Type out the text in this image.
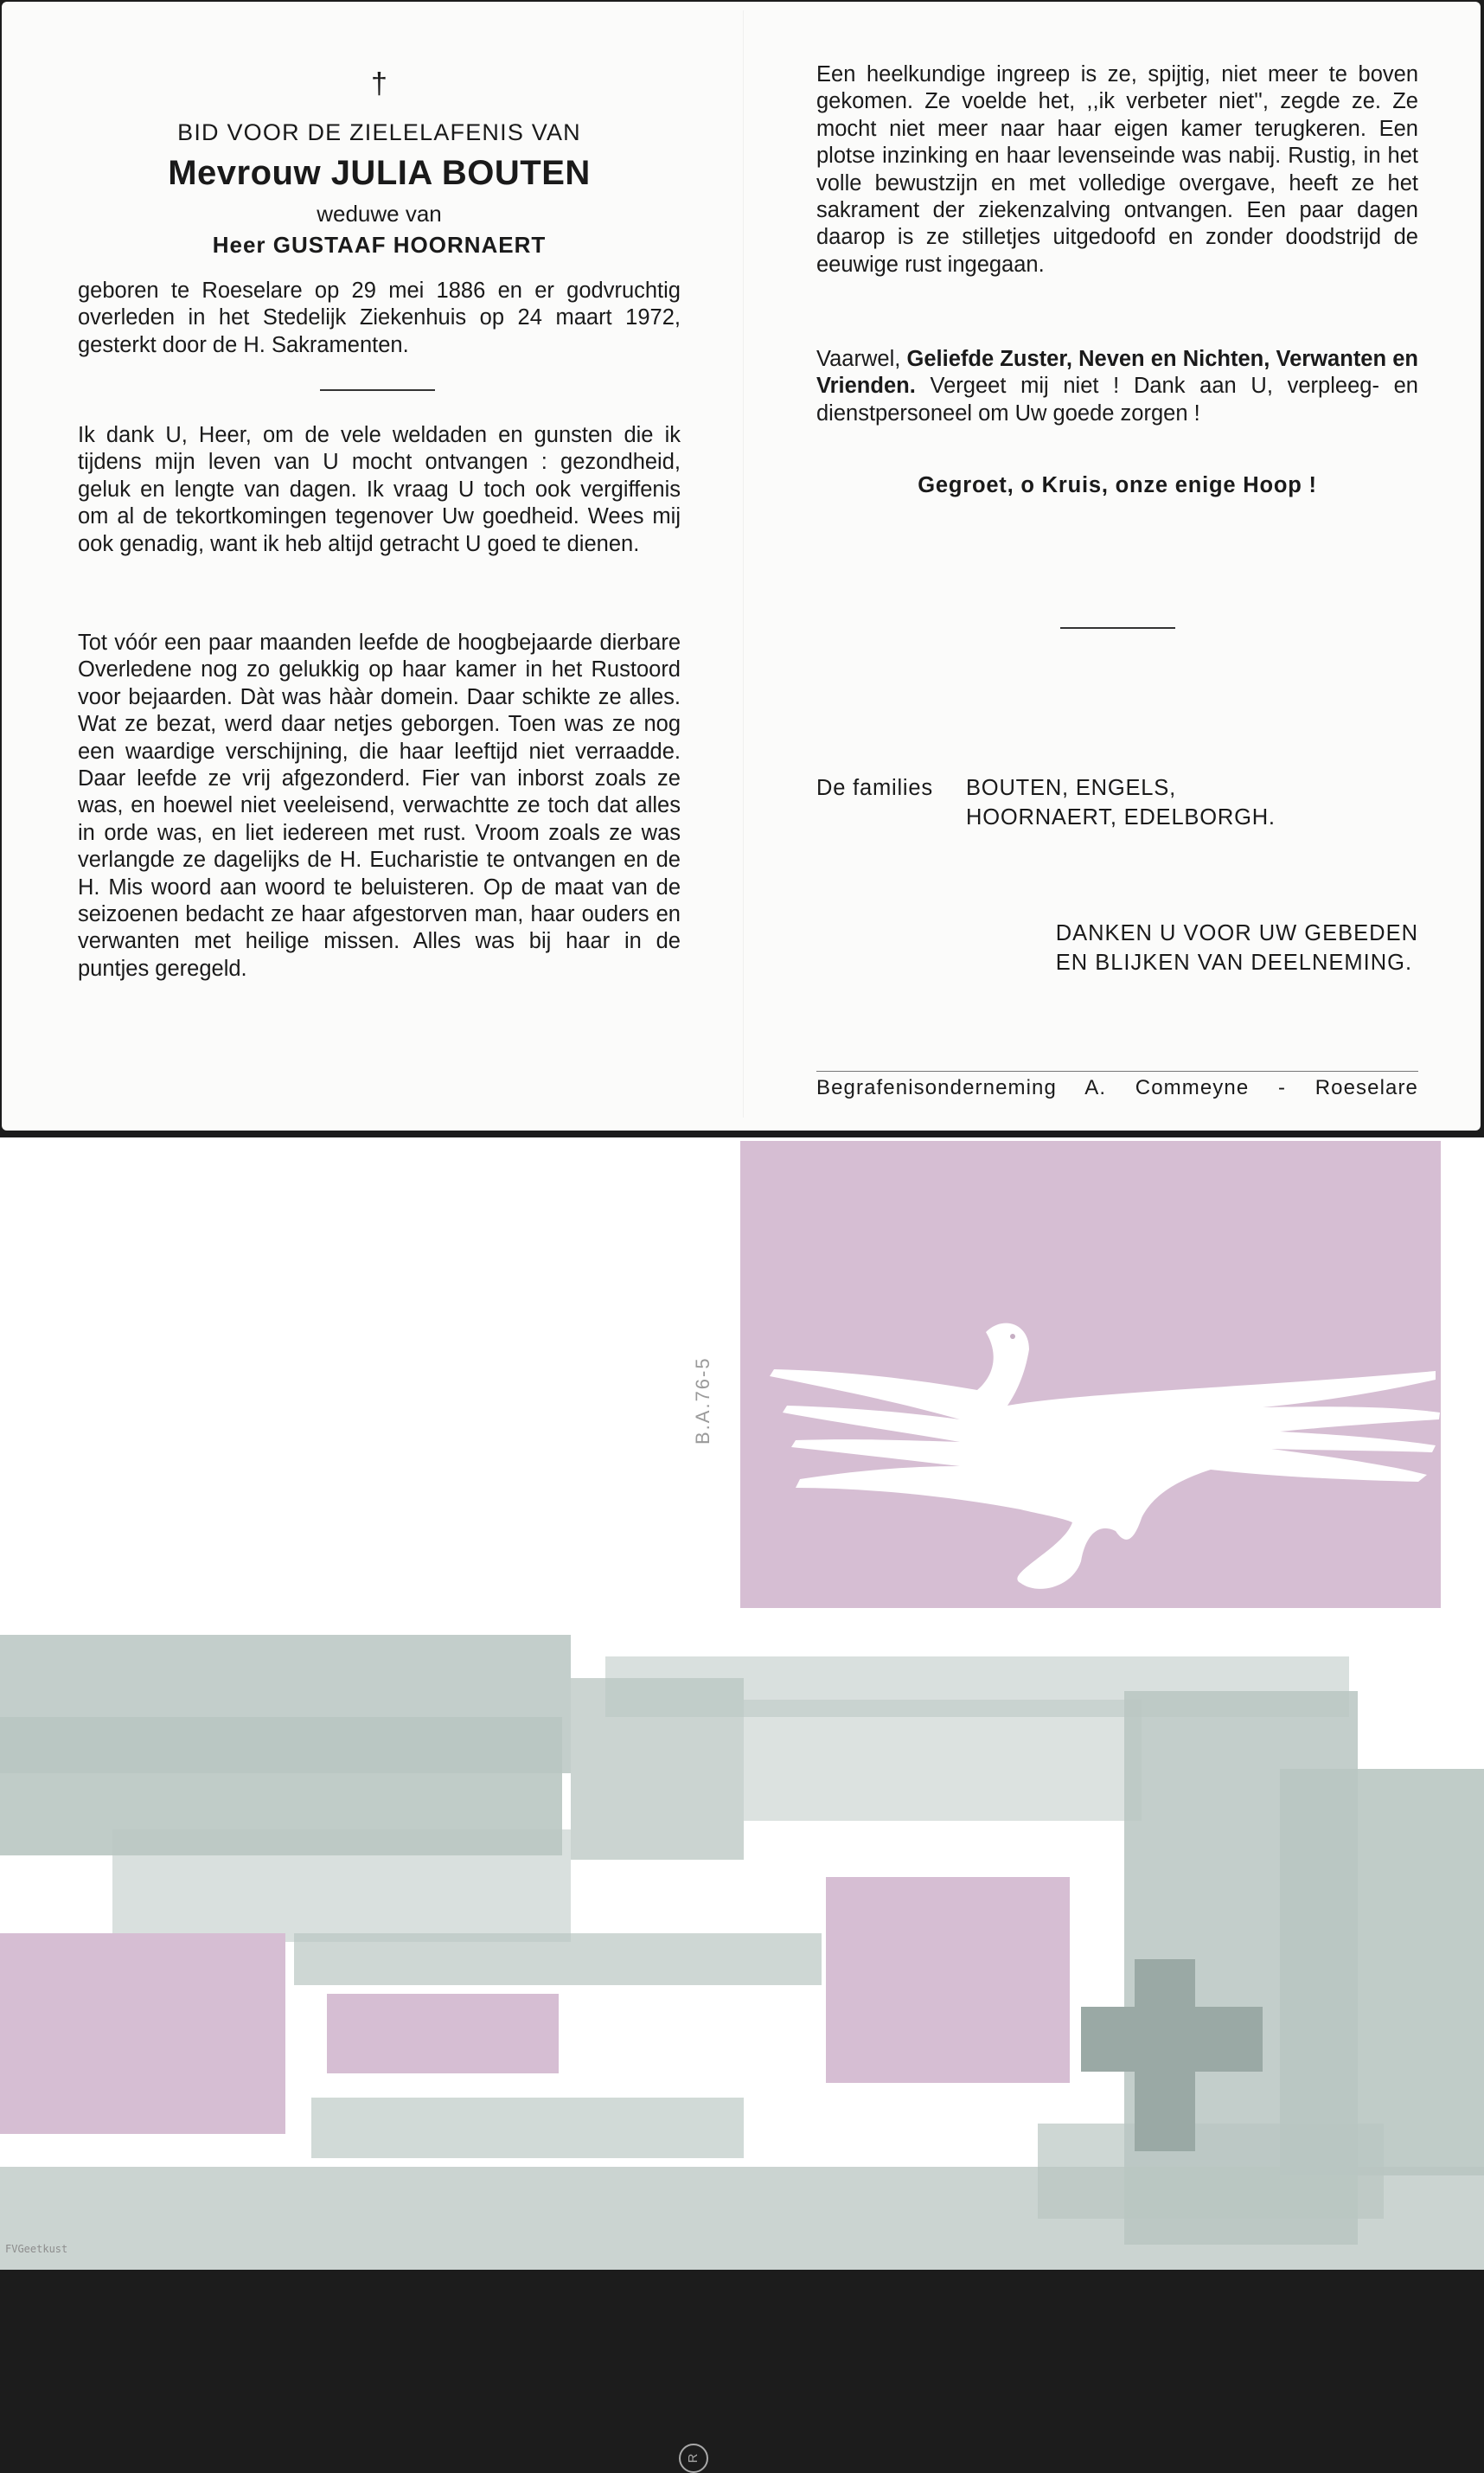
†
BID VOOR DE ZIELELAFENIS VAN
Mevrouw JULIA BOUTEN
weduwe van
Heer GUSTAAF HOORNAERT

geboren te Roeselare op 29 mei 1886 en er godvruchtig overleden in het Stedelijk Ziekenhuis op 24 maart 1972, gesterkt door de H. Sakramenten.

Ik dank U, Heer, om de vele weldaden en gunsten die ik tijdens mijn leven van U mocht ontvangen : gezondheid, geluk en lengte van dagen. Ik vraag U toch ook vergiffenis om al de tekortkomingen tegenover Uw goedheid. Wees mij ook genadig, want ik heb altijd getracht U goed te dienen.

Tot vóór een paar maanden leefde de hoogbejaarde dierbare Overledene nog zo gelukkig op haar kamer in het Rustoord voor bejaarden. Dàt was hààr domein. Daar schikte ze alles. Wat ze bezat, werd daar netjes geborgen. Toen was ze nog een waardige verschijning, die haar leeftijd niet verraadde. Daar leefde ze vrij afgezonderd. Fier van inborst zoals ze was, en hoewel niet veeleisend, verwachtte ze toch dat alles in orde was, en liet iedereen met rust. Vroom zoals ze was verlangde ze dagelijks de H. Eucharistie te ontvangen en de H. Mis woord aan woord te beluisteren. Op de maat van de seizoenen bedacht ze haar afgestorven man, haar ouders en verwanten met heilige missen. Alles was bij haar in de puntjes geregeld.

Een heelkundige ingreep is ze, spijtig, niet meer te boven gekomen. Ze voelde het, ,,ik verbeter niet'', zegde ze. Ze mocht niet meer naar haar eigen kamer terugkeren. Een plotse inzinking en haar levenseinde was nabij. Rustig, in het volle bewustzijn en met volledige overgave, heeft ze het sakrament der ziekenzalving ontvangen. Een paar dagen daarop is ze stilletjes uitgedoofd en zonder doodstrijd de eeuwige rust ingegaan.

Vaarwel, Geliefde Zuster, Neven en Nichten, Verwanten en Vrienden. Vergeet mij niet ! Dank aan U, verpleeg- en dienstpersoneel om Uw goede zorgen !

Gegroet, o Kruis, onze enige Hoop !
De families BOUTEN, ENGELS,
HOORNAERT, EDELBORGH.
DANKEN U VOOR UW GEBEDEN
EN BLIJKEN VAN DEELNEMING.
Begrafenisonderneming A. Commeyne - Roeselare
R
B.A.76-5
FVGeetkust
